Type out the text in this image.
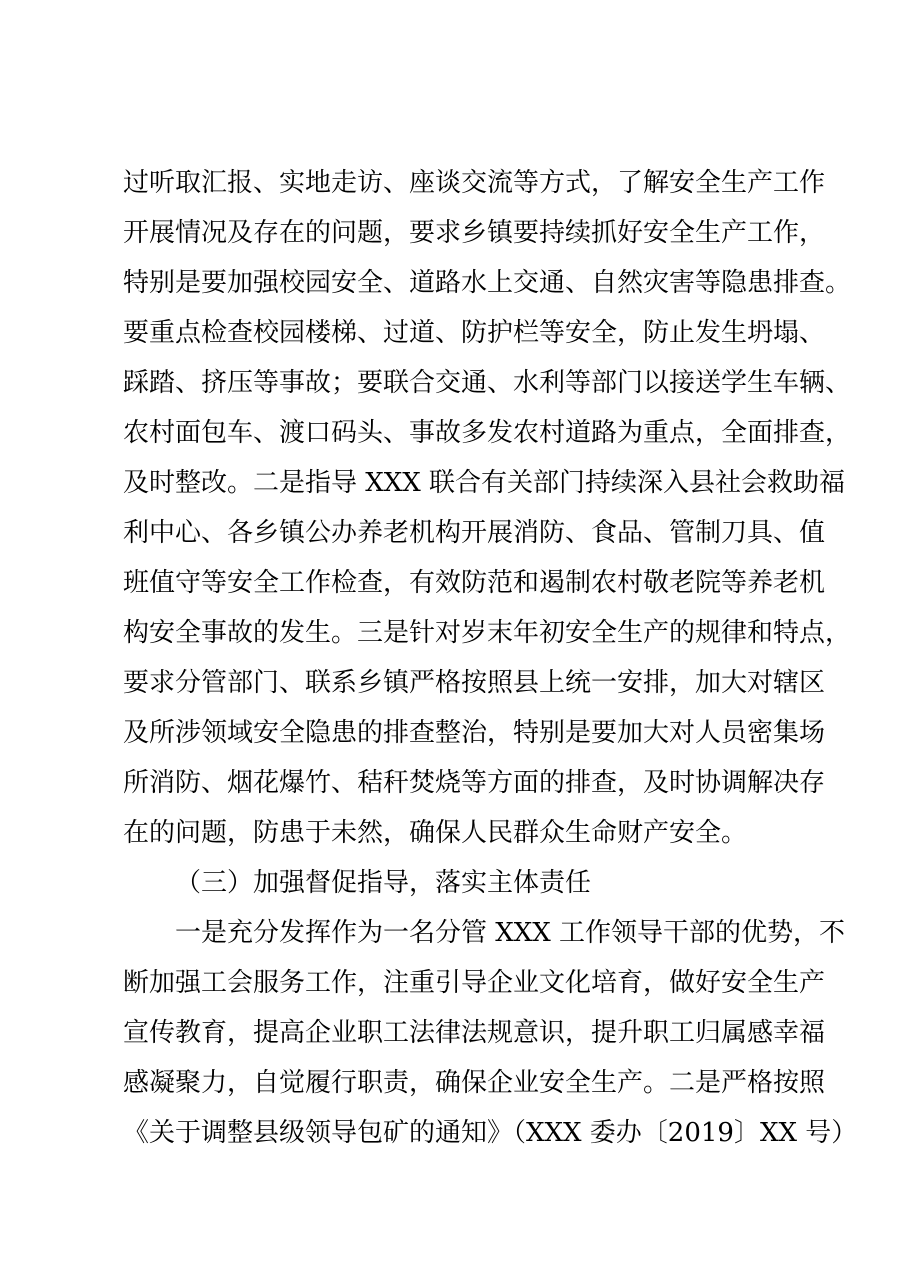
过听取汇报、实地走访、座谈交流等方式，了解安全生产工作
开展情况及存在的问题，要求乡镇要持续抓好安全生产工作，
特别是要加强校园安全、道路水上交通、自然灾害等隐患排查。
要重点检查校园楼梯、过道、防护栏等安全，防止发生坍塌、
踩踏、挤压等事故；要联合交通、水利等部门以接送学生车辆、
农村面包车、渡口码头、事故多发农村道路为重点，全面排查，
及时整改。二是指导 XXX 联合有关部门持续深入县社会救助福
利中心、各乡镇公办养老机构开展消防、食品、管制刀具、值
班值守等安全工作检查，有效防范和遏制农村敬老院等养老机
构安全事故的发生。三是针对岁末年初安全生产的规律和特点，
要求分管部门、联系乡镇严格按照县上统一安排，加大对辖区
及所涉领域安全隐患的排查整治，特别是要加大对人员密集场
所消防、烟花爆竹、秸秆焚烧等方面的排查，及时协调解决存
在的问题，防患于未然，确保人民群众生命财产安全。
（三）加强督促指导，落实主体责任
一是充分发挥作为一名分管 XXX 工作领导干部的优势，不
断加强工会服务工作，注重引导企业文化培育，做好安全生产
宣传教育，提高企业职工法律法规意识，提升职工归属感幸福
感凝聚力，自觉履行职责，确保企业安全生产。二是严格按照
《关于调整县级领导包矿的通知》（XXX 委办〔2019〕XX 号）
